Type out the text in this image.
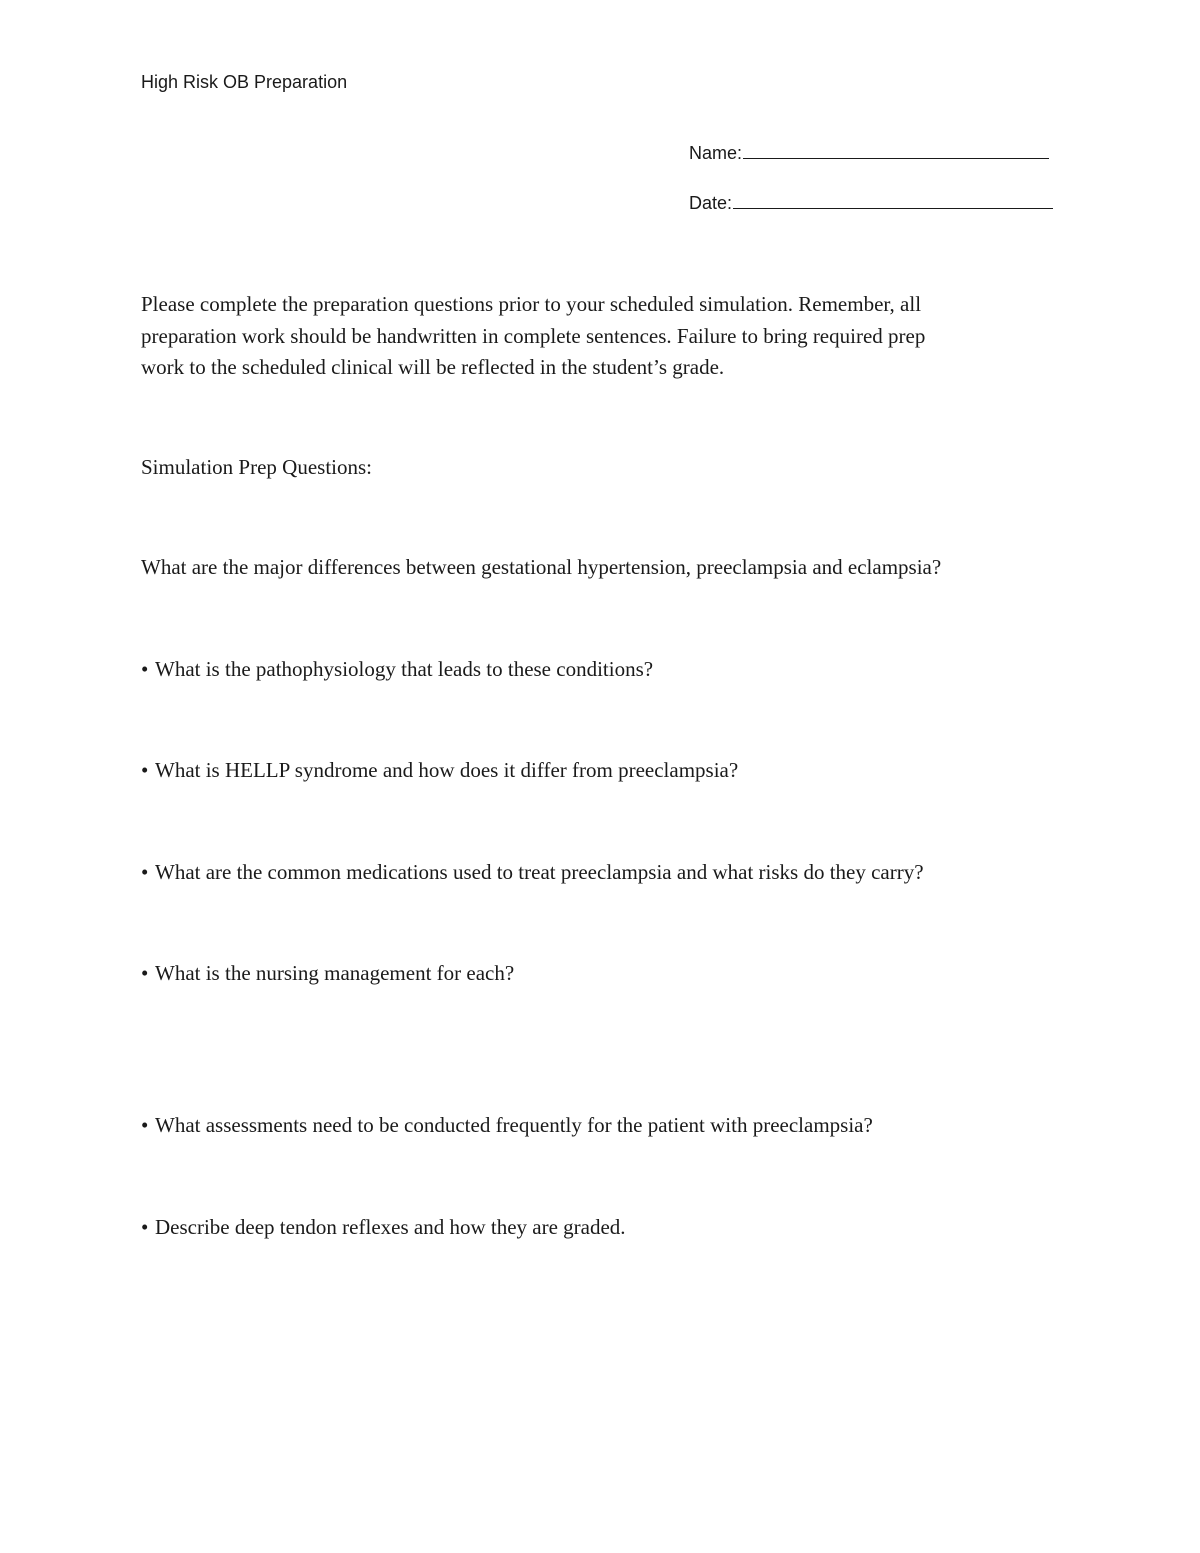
High Risk OB Preparation
Name:
Date:
Please complete the preparation questions prior to your scheduled simulation. Remember, all
preparation work should be handwritten in complete sentences. Failure to bring required prep
work to the scheduled clinical will be reflected in the student’s grade.
Simulation Prep Questions:
What are the major differences between gestational hypertension, preeclampsia and eclampsia?
• What is the pathophysiology that leads to these conditions?
• What is HELLP syndrome and how does it differ from preeclampsia?
• What are the common medications used to treat preeclampsia and what risks do they carry?
• What is the nursing management for each?
• What assessments need to be conducted frequently for the patient with preeclampsia?
• Describe deep tendon reflexes and how they are graded.
